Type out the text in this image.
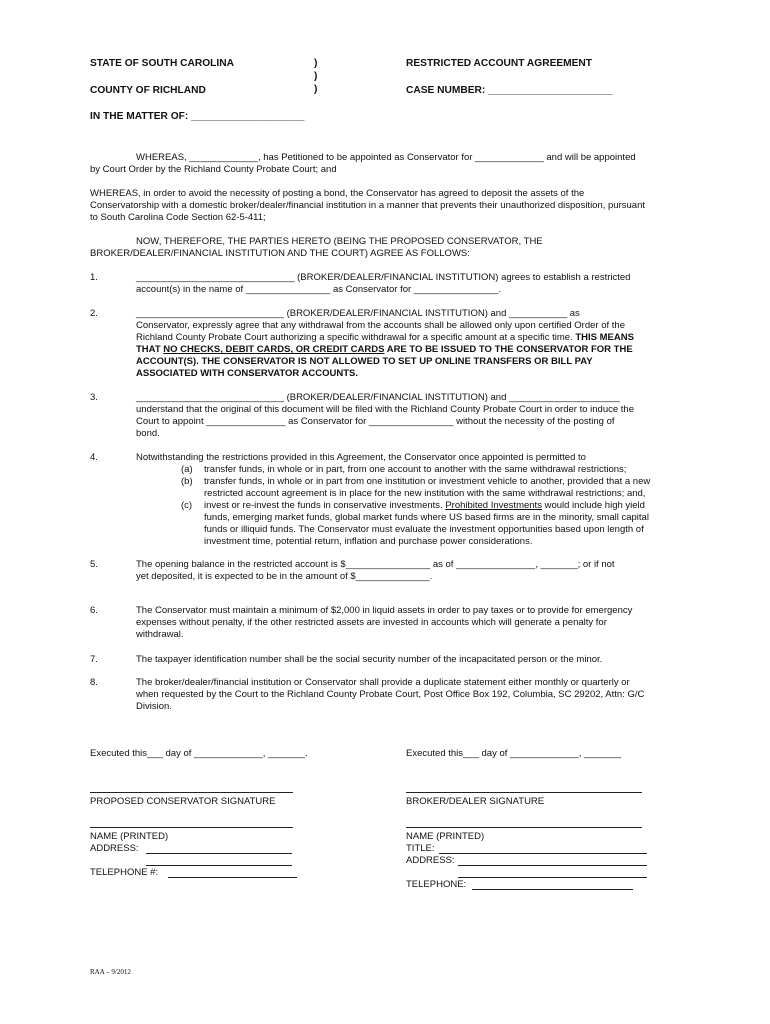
STATE OF SOUTH CAROLINA	)
)
)
RESTRICTED ACCOUNT AGREEMENT
COUNTY OF RICHLAND	CASE NUMBER: ______________________
IN THE MATTER OF: ____________________
WHEREAS, _____________, has Petitioned to be appointed as Conservator for _____________ and will be appointed
by Court Order by the Richland County Probate Court; and
WHEREAS, in order to avoid the necessity of posting a bond, the Conservator has agreed to deposit the assets of the
Conservatorship with a domestic broker/dealer/financial institution in a manner that prevents their unauthorized disposition, pursuant
to South Carolina Code Section 62-5-411;
NOW, THEREFORE, THE PARTIES HERETO (BEING THE PROPOSED CONSERVATOR, THE
BROKER/DEALER/FINANCIAL INSTITUTION AND THE COURT) AGREE AS FOLLOWS:
1.	______________________________ (BROKER/DEALER/FINANCIAL INSTITUTION) agrees to establish a restricted
account(s) in the name of ________________ as Conservator for ________________.
2.	____________________________ (BROKER/DEALER/FINANCIAL INSTITUTION) and ___________ as
Conservator, expressly agree that any withdrawal from the accounts shall be allowed only upon certified Order of the
Richland County Probate Court authorizing a specific withdrawal for a specific amount at a specific time. THIS MEANS
THAT NO CHECKS, DEBIT CARDS, OR CREDIT CARDS ARE TO BE ISSUED TO THE CONSERVATOR FOR THE
ACCOUNT(S). THE CONSERVATOR IS NOT ALLOWED TO SET UP ONLINE TRANSFERS OR BILL PAY
ASSOCIATED WITH CONSERVATOR ACCOUNTS.
3.	____________________________ (BROKER/DEALER/FINANCIAL INSTITUTION) and _____________________
understand that the original of this document will be filed with the Richland County Probate Court in order to induce the
Court to appoint _______________ as Conservator for ________________ without the necessity of the posting of
bond.
4.	Notwithstanding the restrictions provided in this Agreement, the Conservator once appointed is permitted to
(a) transfer funds, in whole or in part, from one account to another with the same withdrawal restrictions;
(b) transfer funds, in whole or in part from one institution or investment vehicle to another, provided that a new
restricted account agreement is in place for the new institution with the same withdrawal restrictions; and,
(c) invest or re-invest the funds in conservative investments. Prohibited Investments would include high yield
funds, emerging market funds, global market funds where US based firms are in the minority, small capital
funds or illiquid funds. The Conservator must evaluate the investment opportunities based upon length of
investment time, potential return, inflation and purchase power considerations.
5.	The opening balance in the restricted account is $________________ as of _______________, _______; or if not
yet deposited, it is expected to be in the amount of $______________.
6.	The Conservator must maintain a minimum of $2,000 in liquid assets in order to pay taxes or to provide for emergency
expenses without penalty, if the other restricted assets are invested in accounts which will generate a penalty for
withdrawal.
7.	The taxpayer identification number shall be the social security number of the incapacitated person or the minor.
8.	The broker/dealer/financial institution or Conservator shall provide a duplicate statement either monthly or quarterly or
when requested by the Court to the Richland County Probate Court, Post Office Box 192, Columbia, SC 29202, Attn: G/C
Division.
Executed this___ day of _____________, _______.
PROPOSED CONSERVATOR SIGNATURE
NAME (PRINTED)
ADDRESS:
TELEPHONE #:
Executed this___ day of _____________, _______
BROKER/DEALER SIGNATURE
NAME (PRINTED)
TITLE:
ADDRESS:
TELEPHONE:
RAA – 9/2012
